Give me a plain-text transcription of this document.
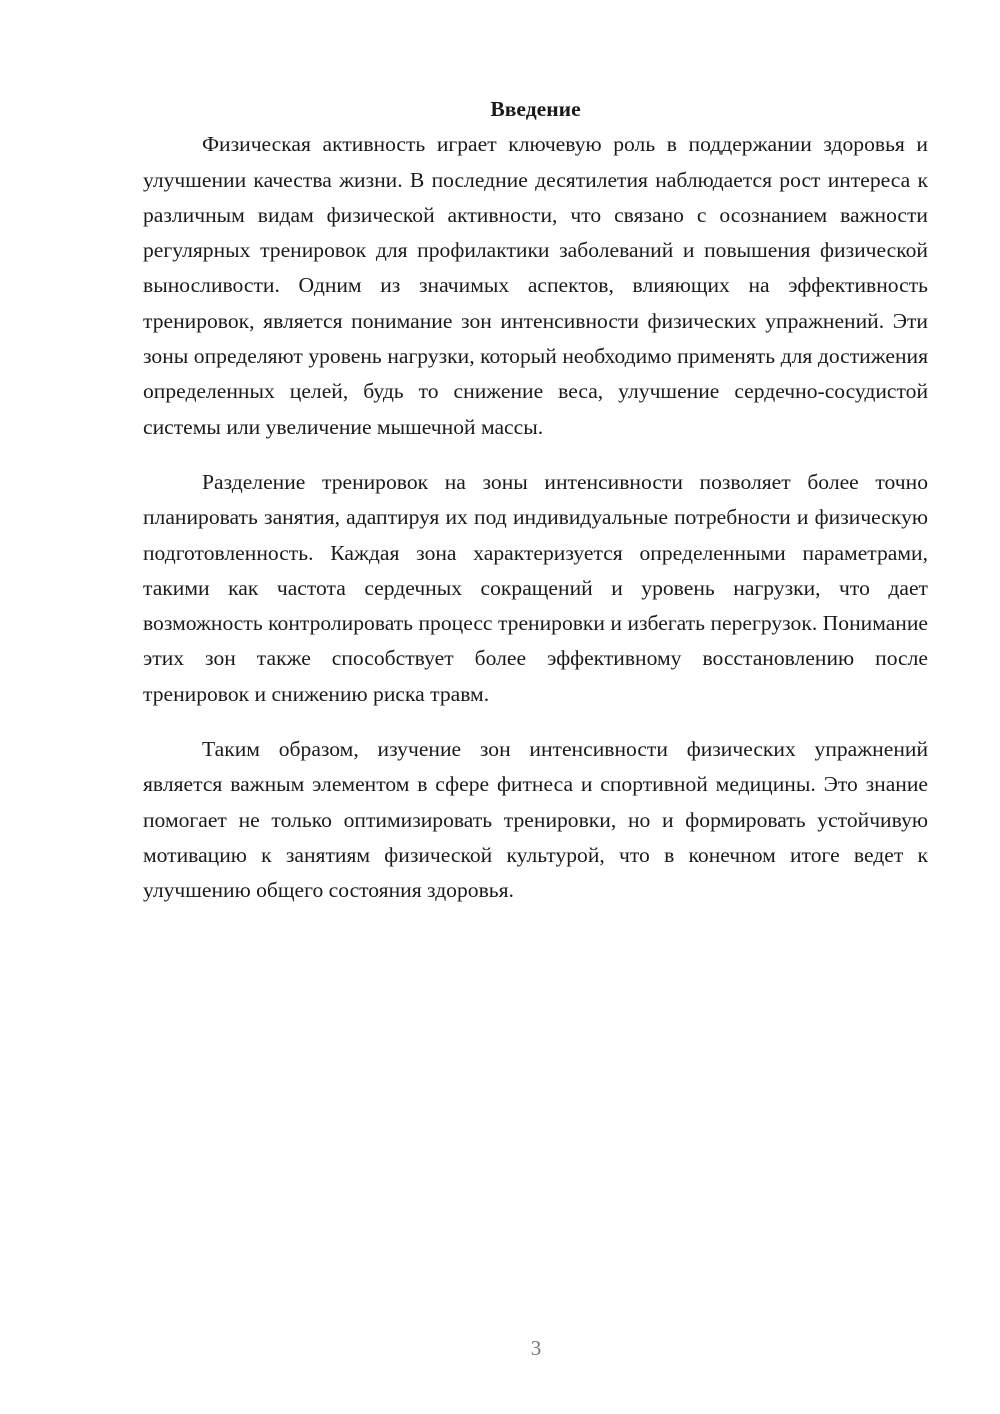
Введение

Физическая активность играет ключевую роль в поддержании здоровья и улучшении качества жизни. В последние десятилетия наблюдается рост интереса к различным видам физической активности, что связано с осознанием важности регулярных тренировок для профилактики заболеваний и повышения физической выносливости. Одним из значимых аспектов, влияющих на эффективность тренировок, является понимание зон интенсивности физических упражнений. Эти зоны определяют уровень нагрузки, который необходимо применять для достижения определенных целей, будь то снижение веса, улучшение сердечно-сосудистой системы или увеличение мышечной массы.

Разделение тренировок на зоны интенсивности позволяет более точно планировать занятия, адаптируя их под индивидуальные потребности и физическую подготовленность. Каждая зона характеризуется определенными параметрами, такими как частота сердечных сокращений и уровень нагрузки, что дает возможность контролировать процесс тренировки и избегать перегрузок. Понимание этих зон также способствует более эффективному восстановлению после тренировок и снижению риска травм.

Таким образом, изучение зон интенсивности физических упражнений является важным элементом в сфере фитнеса и спортивной медицины. Это знание помогает не только оптимизировать тренировки, но и формировать устойчивую мотивацию к занятиям физической культурой, что в конечном итоге ведет к улучшению общего состояния здоровья.

3
